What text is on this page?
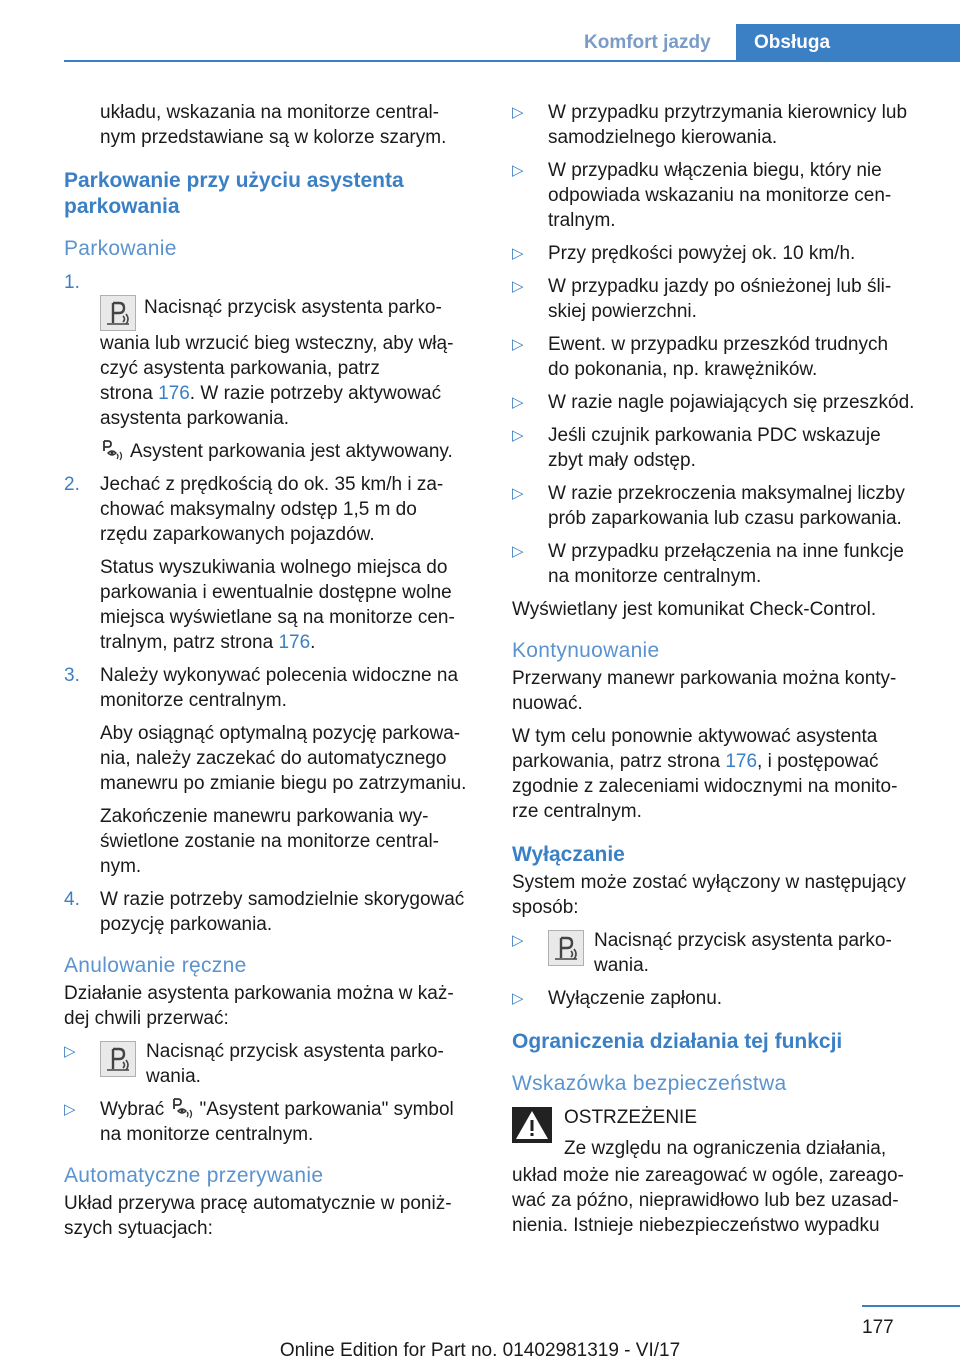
Komfort jazdy	Obsługa

układu, wskazania na monitorze central-
nym przedstawiane są w kolorze szarym.

Parkowanie przy użyciu asystenta parkowania
Parkowanie
1.

Nacisnąć przycisk asystenta parko-
wania lub wrzucić bieg wsteczny, aby włą-
czyć asystenta parkowania, patrz
strona 176. W razie potrzeby aktywować
asystenta parkowania.

Asystent parkowania jest aktywowany.

2. Jechać z prędkością do ok. 35 km/h i za-
chować maksymalny odstęp 1,5 m do
rzędu zaparkowanych pojazdów.

Status wyszukiwania wolnego miejsca do
parkowania i ewentualnie dostępne wolne
miejsca wyświetlane są na monitorze cen-
tralnym, patrz strona 176.

3. Należy wykonywać polecenia widoczne na
monitorze centralnym.

Aby osiągnąć optymalną pozycję parkowa-
nia, należy zaczekać do automatycznego
manewru po zmianie biegu po zatrzymaniu.

Zakończenie manewru parkowania wy-
świetlone zostanie na monitorze central-
nym.

4. W razie potrzeby samodzielnie skorygować
pozycję parkowania.

Anulowanie ręczne

Działanie asystenta parkowania można w każ-
dej chwili przerwać:

▷	Nacisnąć przycisk asystenta parko-
wania.
▷ Wybrać "Asystent parkowania" symbol
na monitorze centralnym.
Automatyczne przerywanie

Układ przerywa pracę automatycznie w poniż-
szych sytuacjach:

▷ W przypadku przytrzymania kierownicy lub
samodzielnego kierowania.
▷ W przypadku włączenia biegu, który nie
odpowiada wskazaniu na monitorze cen-
tralnym.
▷ Przy prędkości powyżej ok. 10 km/h.
▷ W przypadku jazdy po ośnieżonej lub śli-
skiej powierzchni.
▷ Ewent. w przypadku przeszkód trudnych
do pokonania, np. krawężników.
▷ W razie nagle pojawiających się przeszkód.
▷ Jeśli czujnik parkowania PDC wskazuje
zbyt mały odstęp.
▷ W razie przekroczenia maksymalnej liczby
prób zaparkowania lub czasu parkowania.
▷ W przypadku przełączenia na inne funkcje
na monitorze centralnym.

Wyświetlany jest komunikat Check-Control.

Kontynuowanie

Przerwany manewr parkowania można konty-
nuować.

W tym celu ponownie aktywować asystenta
parkowania, patrz strona 176, i postępować
zgodnie z zaleceniami widocznymi na monito-
rze centralnym.

Wyłączanie

System może zostać wyłączony w następujący
sposób:

▷	Nacisnąć przycisk asystenta parko-
wania.
▷ Wyłączenie zapłonu.
Ograniczenia działania tej funkcji
Wskazówka bezpieczeństwa

OSTRZEŻENIE

Ze względu na ograniczenia działania,

układ może nie zareagować w ogóle, zareago-
wać za późno, nieprawidłowo lub bez uzasad-
nienia. Istnieje niebezpieczeństwo wypadku

177
Online Edition for Part no. 01402981319 - VI/17
